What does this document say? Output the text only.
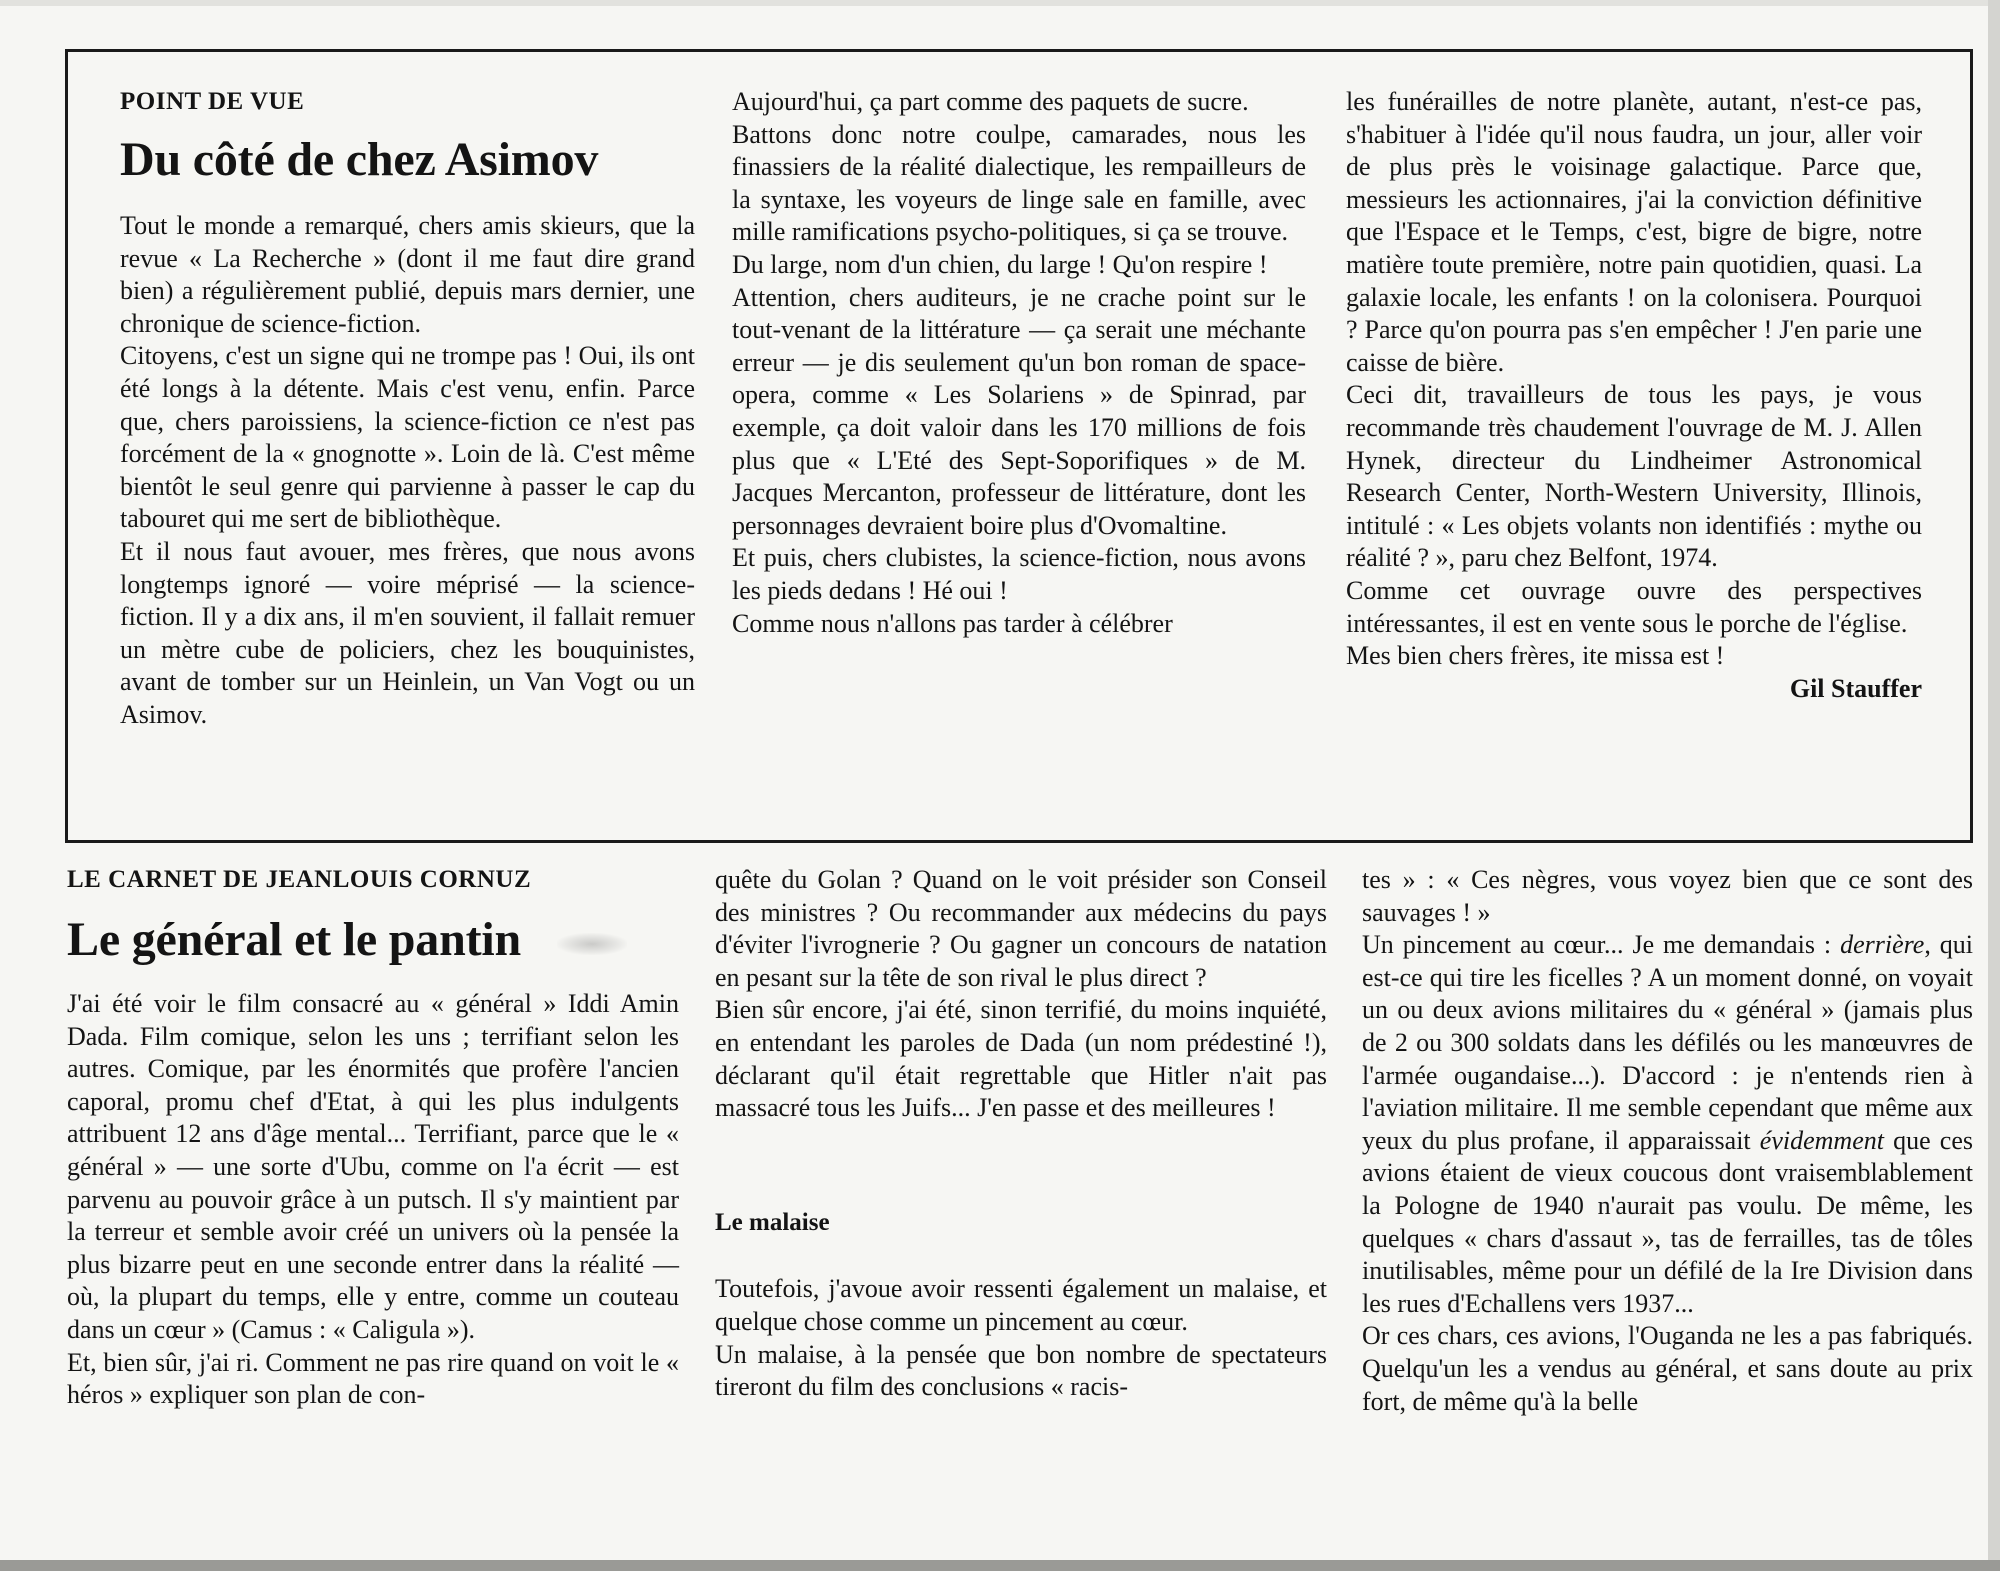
POINT DE VUE

Du côté de chez Asimov

Tout le monde a remarqué, chers amis skieurs, que la revue « La Recherche » (dont il me faut dire grand bien) a régulièrement publié, depuis mars dernier, une chronique de science-fiction.

Citoyens, c'est un signe qui ne trompe pas ! Oui, ils ont été longs à la détente. Mais c'est venu, enfin. Parce que, chers paroissiens, la science-fiction ce n'est pas forcément de la « gnognotte ». Loin de là. C'est même bientôt le seul genre qui parvienne à passer le cap du tabouret qui me sert de bibliothèque.

Et il nous faut avouer, mes frères, que nous avons longtemps ignoré — voire méprisé — la science-fiction. Il y a dix ans, il m'en souvient, il fallait remuer un mètre cube de policiers, chez les bouquinistes, avant de tomber sur un Heinlein, un Van Vogt ou un Asimov.

Aujourd'hui, ça part comme des paquets de sucre.

Battons donc notre coulpe, camarades, nous les finassiers de la réalité dialectique, les rempailleurs de la syntaxe, les voyeurs de linge sale en famille, avec mille ramifications psycho-politiques, si ça se trouve.

Du large, nom d'un chien, du large ! Qu'on respire !

Attention, chers auditeurs, je ne crache point sur le tout-venant de la littérature — ça serait une méchante erreur — je dis seulement qu'un bon roman de space-opera, comme « Les Solariens » de Spinrad, par exemple, ça doit valoir dans les 170 millions de fois plus que « L'Eté des Sept-Soporifiques » de M. Jacques Mercanton, professeur de littérature, dont les personnages devraient boire plus d'Ovomaltine.

Et puis, chers clubistes, la science-fiction, nous avons les pieds dedans ! Hé oui !

Comme nous n'allons pas tarder à célébrer

les funérailles de notre planète, autant, n'est-ce pas, s'habituer à l'idée qu'il nous faudra, un jour, aller voir de plus près le voisinage galactique. Parce que, messieurs les actionnaires, j'ai la conviction définitive que l'Espace et le Temps, c'est, bigre de bigre, notre matière toute première, notre pain quotidien, quasi. La galaxie locale, les enfants ! on la colonisera. Pourquoi ? Parce qu'on pourra pas s'en empêcher ! J'en parie une caisse de bière.

Ceci dit, travailleurs de tous les pays, je vous recommande très chaudement l'ouvrage de M. J. Allen Hynek, directeur du Lindheimer Astronomical Research Center, North-Western University, Illinois, intitulé : « Les objets volants non identifiés : mythe ou réalité ? », paru chez Belfont, 1974.

Comme cet ouvrage ouvre des perspectives intéressantes, il est en vente sous le porche de l'église.

Mes bien chers frères, ite missa est !

Gil Stauffer

LE CARNET DE JEANLOUIS CORNUZ

Le général et le pantin

J'ai été voir le film consacré au « général » Iddi Amin Dada. Film comique, selon les uns ; terrifiant selon les autres. Comique, par les énormités que profère l'ancien caporal, promu chef d'Etat, à qui les plus indulgents attribuent 12 ans d'âge mental... Terrifiant, parce que le « général » — une sorte d'Ubu, comme on l'a écrit — est parvenu au pouvoir grâce à un putsch. Il s'y maintient par la terreur et semble avoir créé un univers où la pensée la plus bizarre peut en une seconde entrer dans la réalité — où, la plupart du temps, elle y entre, comme un couteau dans un cœur » (Camus : « Caligula »).

Et, bien sûr, j'ai ri. Comment ne pas rire quand on voit le « héros » expliquer son plan de con-

quête du Golan ? Quand on le voit présider son Conseil des ministres ? Ou recommander aux médecins du pays d'éviter l'ivrognerie ? Ou gagner un concours de natation en pesant sur la tête de son rival le plus direct ?

Bien sûr encore, j'ai été, sinon terrifié, du moins inquiété, en entendant les paroles de Dada (un nom prédestiné !), déclarant qu'il était regrettable que Hitler n'ait pas massacré tous les Juifs... J'en passe et des meilleures !

Le malaise

Toutefois, j'avoue avoir ressenti également un malaise, et quelque chose comme un pincement au cœur.

Un malaise, à la pensée que bon nombre de spectateurs tireront du film des conclusions « racis-

tes » : « Ces nègres, vous voyez bien que ce sont des sauvages ! »

Un pincement au cœur... Je me demandais : derrière, qui est-ce qui tire les ficelles ? A un moment donné, on voyait un ou deux avions militaires du « général » (jamais plus de 2 ou 300 soldats dans les défilés ou les manœuvres de l'armée ougandaise...). D'accord : je n'entends rien à l'aviation militaire. Il me semble cependant que même aux yeux du plus profane, il apparaissait évidemment que ces avions étaient de vieux coucous dont vraisemblablement la Pologne de 1940 n'aurait pas voulu. De même, les quelques « chars d'assaut », tas de ferrailles, tas de tôles inutilisables, même pour un défilé de la Ire Division dans les rues d'Echallens vers 1937...

Or ces chars, ces avions, l'Ouganda ne les a pas fabriqués. Quelqu'un les a vendus au général, et sans doute au prix fort, de même qu'à la belle
